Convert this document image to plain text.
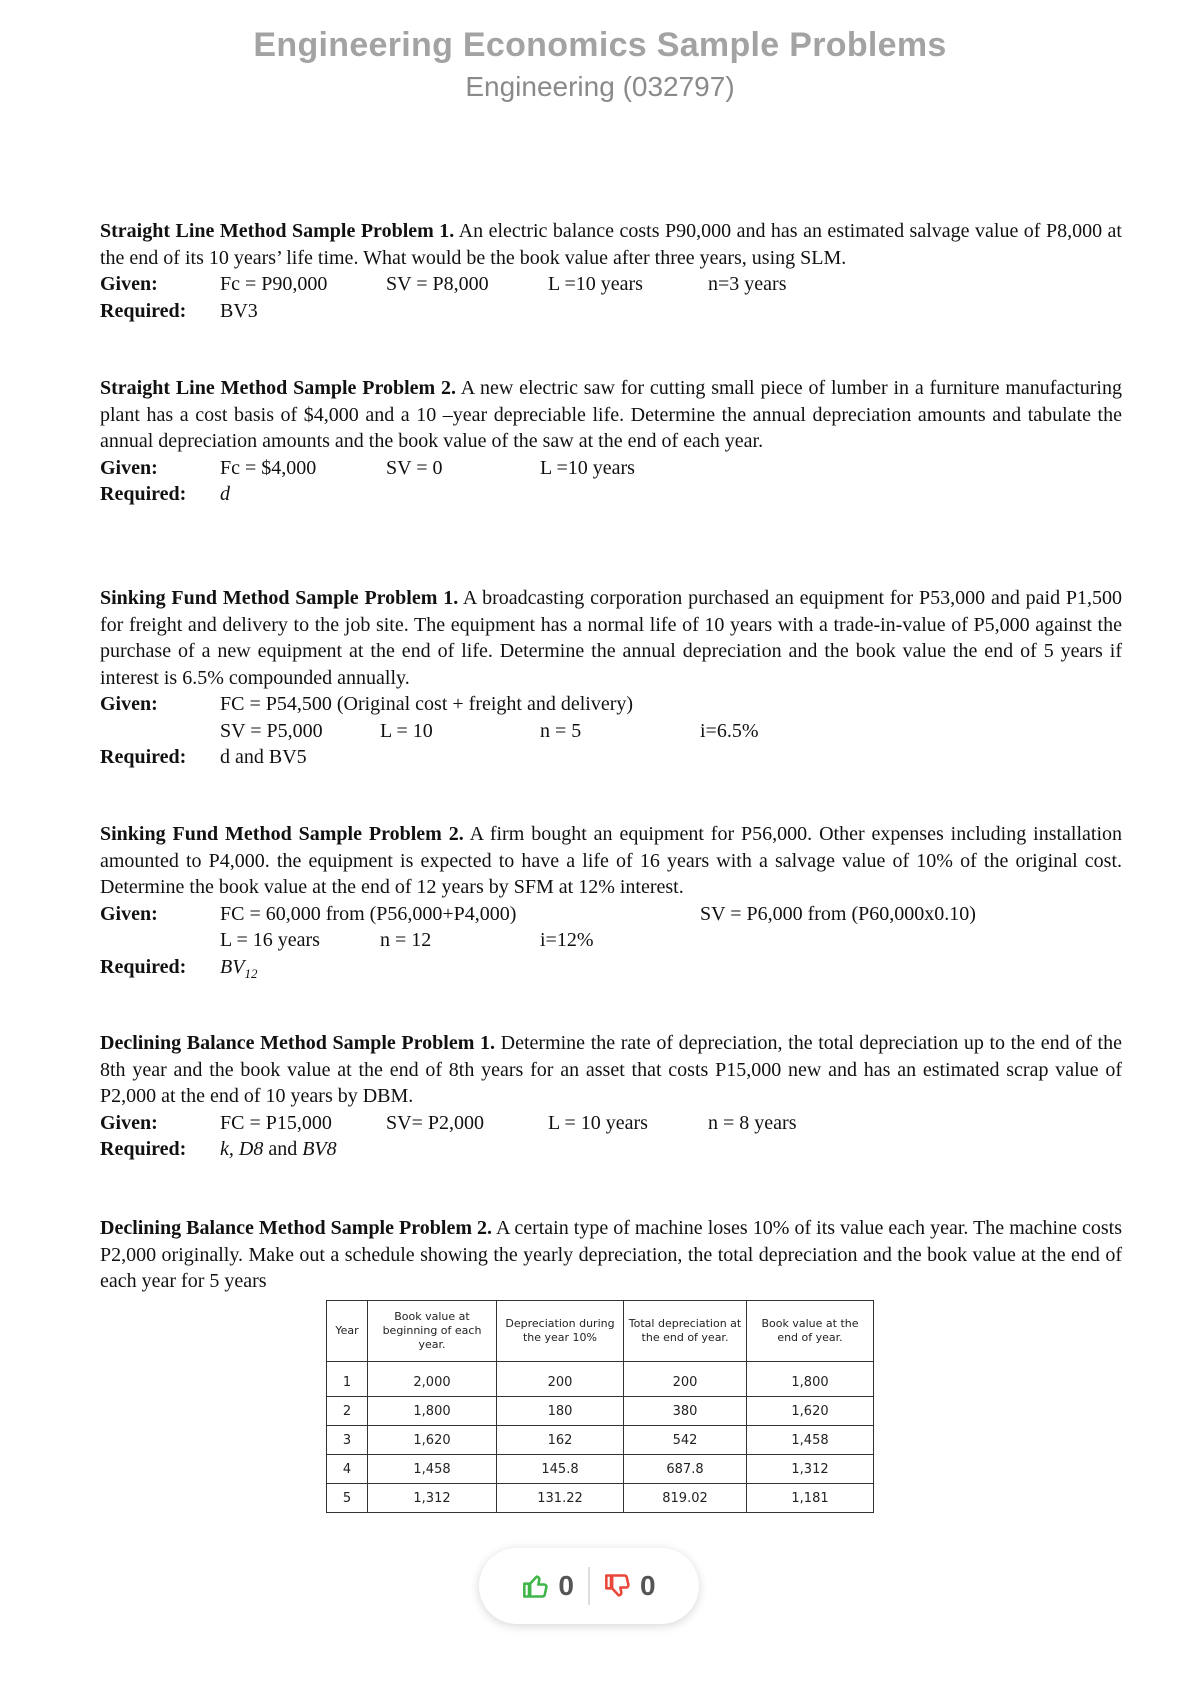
Engineering Economics Sample Problems
Engineering (032797)

Straight Line Method Sample Problem 1. An electric balance costs P90,000 and has an estimated salvage value of P8,000 at the end of its 10 years’ life time. What would be the book value after three years, using SLM.

Given:	Fc = P90,000	SV = P8,000	L =10 years	n=3 years
Required:	BV3

Straight Line Method Sample Problem 2. A new electric saw for cutting small piece of lumber in a furniture manufacturing plant has a cost basis of $4,000 and a 10 –year depreciable life. Determine the annual depreciation amounts and tabulate the annual depreciation amounts and the book value of the saw at the end of each year.

Given:	Fc = $4,000	SV = 0	L =10 years
Required:	d

Sinking Fund Method Sample Problem 1. A broadcasting corporation purchased an equipment for P53,000 and paid P1,500 for freight and delivery to the job site. The equipment has a normal life of 10 years with a trade-in-value of P5,000 against the purchase of a new equipment at the end of life. Determine the annual depreciation and the book value the end of 5 years if interest is 6.5% compounded annually.

Given:	FC = P54,500 (Original cost + freight and delivery)
SV = P5,000	L = 10	n = 5	i=6.5%
Required:	d and BV5

Sinking Fund Method Sample Problem 2. A firm bought an equipment for P56,000. Other expenses including installation amounted to P4,000. the equipment is expected to have a life of 16 years with a salvage value of 10% of the original cost. Determine the book value at the end of 12 years by SFM at 12% interest.

Given:	FC = 60,000 from (P56,000+P4,000)	SV = P6,000 from (P60,000x0.10)
L = 16 years	n = 12	i=12%
Required:	$BV_{12}$

Declining Balance Method Sample Problem 1. Determine the rate of depreciation, the total depreciation up to the end of the 8th year and the book value at the end of 8th years for an asset that costs P15,000 new and has an estimated scrap value of P2,000 at the end of 10 years by DBM.

Given:	FC = P15,000	SV= P2,000	L = 10 years	n = 8 years
Required:	k, D8 and BV8

Declining Balance Method Sample Problem 2. A certain type of machine loses 10% of its value each year. The machine costs P2,000 originally. Make out a schedule showing the yearly depreciation, the total depreciation and the book value at the end of each year for 5 years

Year	Book value at beginning of each year.	Depreciation during the year 10%	Total depreciation at the end of year.	Book value at the end of year.
1	2,000	200	200	1,800
2	1,800	180	380	1,620
3	1,620	162	542	1,458
4	1,458	145.8	687.8	1,312
5	1,312	131.22	819.02	1,181
0 0
